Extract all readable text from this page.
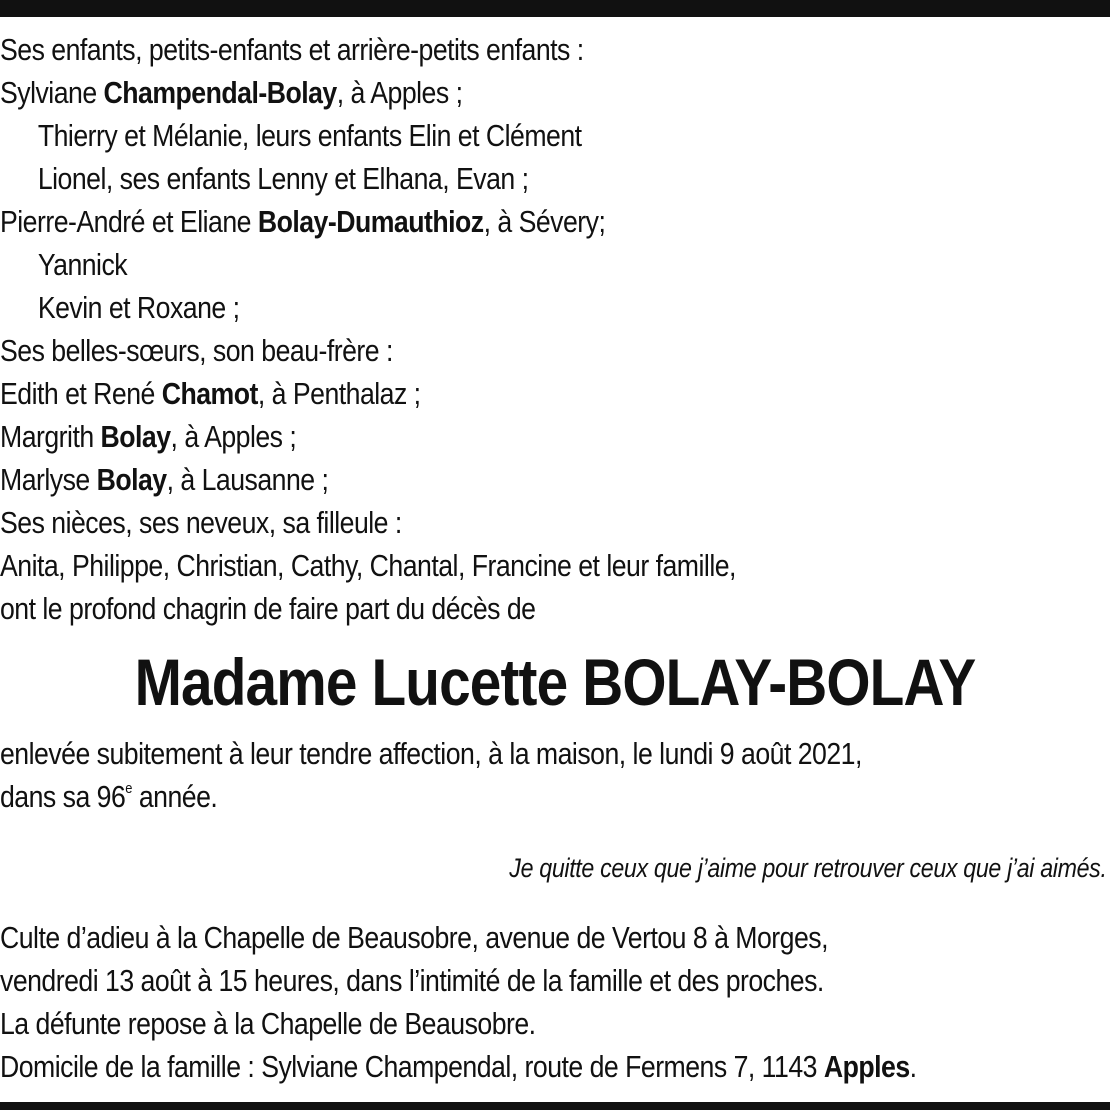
Ses enfants, petits-enfants et arrière-petits enfants :
Sylviane Champendal-Bolay, à Apples ;
Thierry et Mélanie, leurs enfants Elin et Clément
Lionel, ses enfants Lenny et Elhana, Evan ;
Pierre-André et Eliane Bolay-Dumauthioz, à Sévery;
Yannick
Kevin et Roxane ;
Ses belles-sœurs, son beau-frère :
Edith et René Chamot, à Penthalaz ;
Margrith Bolay, à Apples ;
Marlyse Bolay, à Lausanne ;
Ses nièces, ses neveux, sa filleule :
Anita, Philippe, Christian, Cathy, Chantal, Francine et leur famille,
ont le profond chagrin de faire part du décès de
Madame Lucette BOLAY-BOLAY
enlevée subitement à leur tendre affection, à la maison, le lundi 9 août 2021,
dans sa 96e année.
Je quitte ceux que j’aime pour retrouver ceux que j’ai aimés.
Culte d’adieu à la Chapelle de Beausobre, avenue de Vertou 8 à Morges,
vendredi 13 août à 15 heures, dans l’intimité de la famille et des proches.
La défunte repose à la Chapelle de Beausobre.
Domicile de la famille : Sylviane Champendal, route de Fermens 7, 1143 Apples.
